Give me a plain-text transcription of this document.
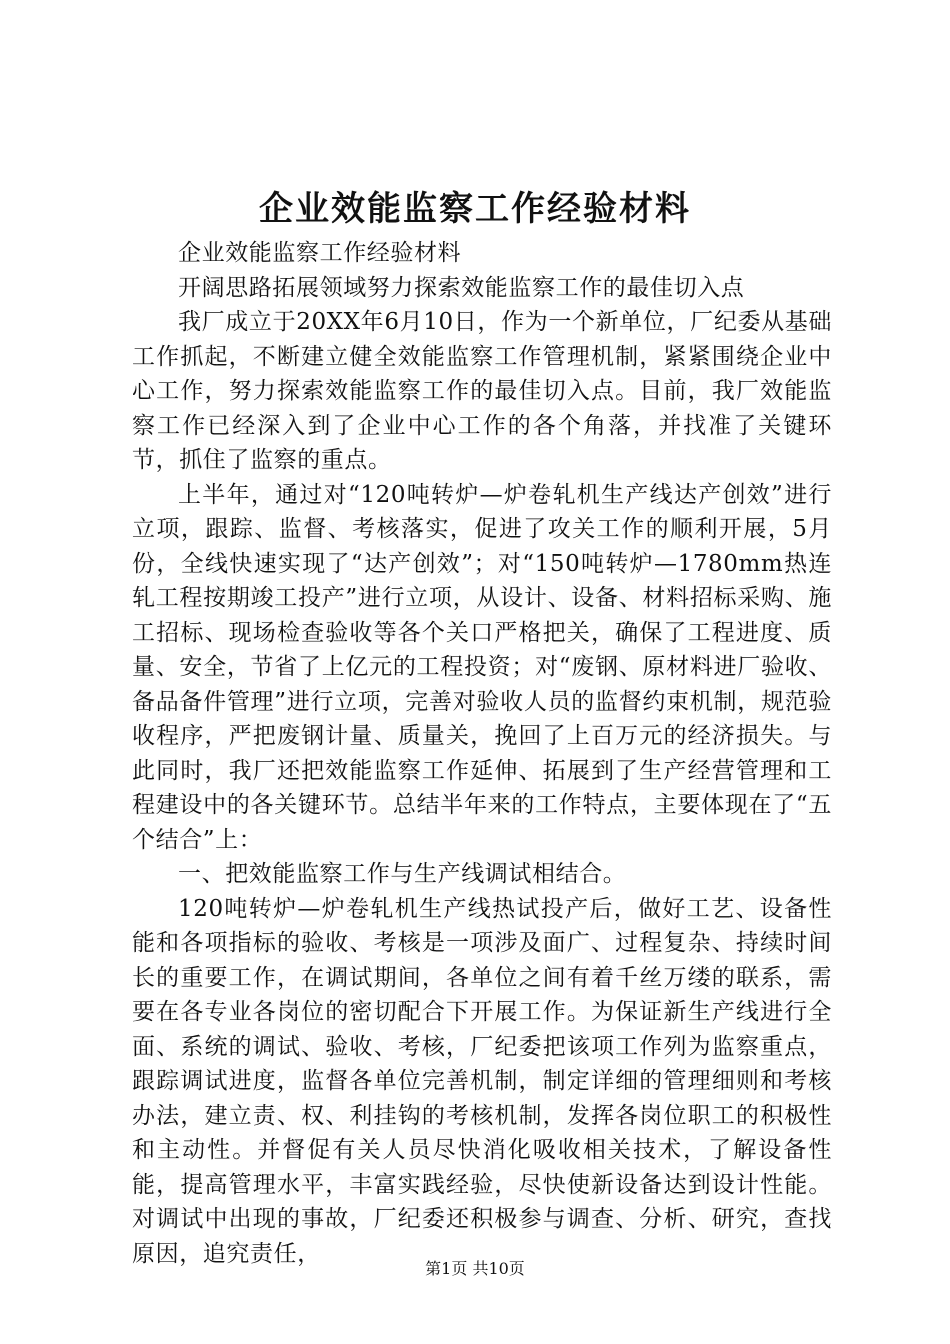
企业效能监察工作经验材料

企业效能监察工作经验材料

开阔思路拓展领域努力探索效能监察工作的最佳切入点

我厂成立于20XX年6月10日，作为一个新单位，厂纪委从基础工作抓起，不断建立健全效能监察工作管理机制，紧紧围绕企业中心工作，努力探索效能监察工作的最佳切入点。目前，我厂效能监察工作已经深入到了企业中心工作的各个角落，并找准了关键环节，抓住了监察的重点。

上半年，通过对“120吨转炉—炉卷轧机生产线达产创效”进行立项，跟踪、监督、考核落实，促进了攻关工作的顺利开展，5月份，全线快速实现了“达产创效”；对“150吨转炉—1780mm热连轧工程按期竣工投产”进行立项，从设计、设备、材料招标采购、施工招标、现场检查验收等各个关口严格把关，确保了工程进度、质量、安全，节省了上亿元的工程投资；对“废钢、原材料进厂验收、备品备件管理”进行立项，完善对验收人员的监督约束机制，规范验收程序，严把废钢计量、质量关，挽回了上百万元的经济损失。与此同时，我厂还把效能监察工作延伸、拓展到了生产经营管理和工程建设中的各关键环节。总结半年来的工作特点，主要体现在了“五个结合”上：

一、把效能监察工作与生产线调试相结合。

120吨转炉—炉卷轧机生产线热试投产后，做好工艺、设备性能和各项指标的验收、考核是一项涉及面广、过程复杂、持续时间长的重要工作，在调试期间，各单位之间有着千丝万缕的联系，需要在各专业各岗位的密切配合下开展工作。为保证新生产线进行全面、系统的调试、验收、考核，厂纪委把该项工作列为监察重点，跟踪调试进度，监督各单位完善机制，制定详细的管理细则和考核办法，建立责、权、利挂钩的考核机制，发挥各岗位职工的积极性和主动性。并督促有关人员尽快消化吸收相关技术，了解设备性能，提高管理水平，丰富实践经验，尽快使新设备达到设计性能。对调试中出现的事故，厂纪委还积极参与调查、分析、研究，查找原因，追究责任，

第1页 共10页
